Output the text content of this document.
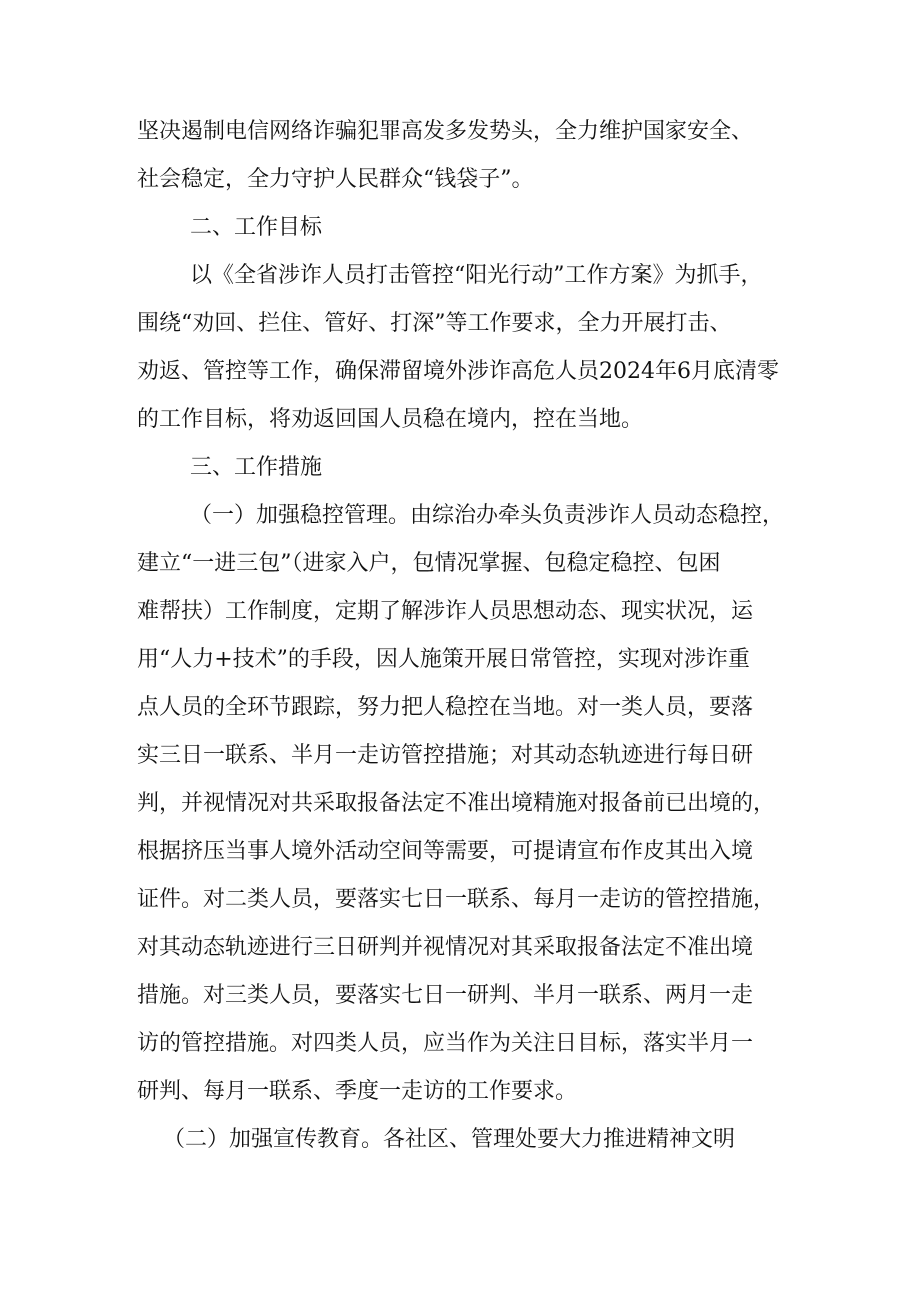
坚决遏制电信网络诈骗犯罪高发多发势头，全力维护国家安全、
社会稳定，全力守护人民群众“钱袋子”。
二、工作目标
以《全省涉诈人员打击管控“阳光行动”工作方案》为抓手，
围绕“劝回、拦住、管好、打深”等工作要求，全力开展打击、
劝返、管控等工作，确保滞留境外涉诈高危人员2024年6月底清零
的工作目标，将劝返回国人员稳在境内，控在当地。
三、工作措施
（一）加强稳控管理。由综治办牵头负责涉诈人员动态稳控，
建立“一进三包”（进家入户，包情况掌握、包稳定稳控、包困
难帮扶）工作制度，定期了解涉诈人员思想动态、现实状况，运
用“人力+技术”的手段，因人施策开展日常管控，实现对涉诈重
点人员的全环节跟踪，努力把人稳控在当地。对一类人员，要落
实三日一联系、半月一走访管控措施；对其动态轨迹进行每日研
判，并视情况对共采取报备法定不准出境精施对报备前已出境的，
根据挤压当事人境外活动空间等需要，可提请宣布作皮其出入境
证件。对二类人员，要落实七日一联系、每月一走访的管控措施，
对其动态轨迹进行三日研判并视情况对其采取报备法定不准出境
措施。对三类人员，要落实七日一研判、半月一联系、两月一走
访的管控措施。对四类人员，应当作为关注日目标，落实半月一
研判、每月一联系、季度一走访的工作要求。
（二）加强宣传教育。各社区、管理处要大力推进精神文明
